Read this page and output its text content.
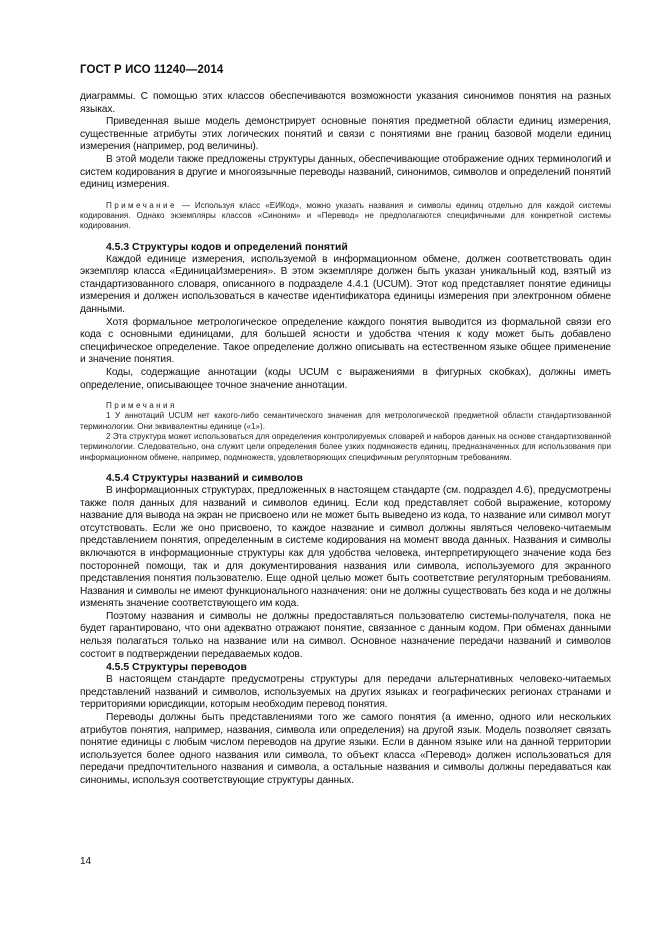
ГОСТ Р ИСО 11240—2014

диаграммы. С помощью этих классов обеспечиваются возможности указания синонимов понятия на разных языках.

Приведенная выше модель демонстрирует основные понятия предметной области единиц измерения, существенные атрибуты этих логических понятий и связи с понятиями вне границ базовой модели единиц измерения (например, род величины).

В этой модели также предложены структуры данных, обеспечивающие отображение одних терминологий и систем кодирования в другие и многоязычные переводы названий, синонимов, символов и определений понятий единиц измерения.

Примечание — Используя класс «ЕИКод», можно указать названия и символы единиц отдельно для каждой системы кодирования. Однако экземпляры классов «Синоним» и «Перевод» не предполагаются специфичными для конкретной системы кодирования.

4.5.3 Структуры кодов и определений понятий

Каждой единице измерения, используемой в информационном обмене, должен соответствовать один экземпляр класса «ЕдиницаИзмерения». В этом экземпляре должен быть указан уникальный код, взятый из стандартизованного словаря, описанного в подразделе 4.4.1 (UCUM). Этот код представляет понятие единицы измерения и должен использоваться в качестве идентификатора единицы измерения при электронном обмене данными.

Хотя формальное метрологическое определение каждого понятия выводится из формальной связи его кода с основными единицами, для большей ясности и удобства чтения к коду может быть добавлено специфическое определение. Такое определение должно описывать на естественном языке общее применение и значение понятия.

Коды, содержащие аннотации (коды UCUM с выражениями в фигурных скобках), должны иметь определение, описывающее точное значение аннотации.

Примечания

1 У аннотаций UCUM нет какого-либо семантического значения для метрологической предметной области стандартизованной терминологии. Они эквивалентны единице («1»).

2 Эта структура может использоваться для определения контролируемых словарей и наборов данных на основе стандартизованной терминологии. Следовательно, она служит цели определения более узких подмножеств единиц, предназначенных для использования при информационном обмене, например, подмножеств, удовлетворяющих специфичным регуляторным требованиям.

4.5.4 Структуры названий и символов

В информационных структурах, предложенных в настоящем стандарте (см. подраздел 4.6), предусмотрены также поля данных для названий и символов единиц. Если код представляет собой выражение, которому название для вывода на экран не присвоено или не может быть выведено из кода, то название или символ могут отсутствовать. Если же оно присвоено, то каждое название и символ должны являться человеко-читаемым представлением понятия, определенным в системе кодирования на момент ввода данных. Названия и символы включаются в информационные структуры как для удобства человека, интерпретирующего значение кода без посторонней помощи, так и для документирования названия или символа, используемого для экранного представления понятия пользователю. Еще одной целью может быть соответствие регуляторным требованиям. Названия и символы не имеют функционального назначения: они не должны существовать без кода и не должны изменять значение соответствующего им кода.

Поэтому названия и символы не должны предоставляться пользователю системы-получателя, пока не будет гарантировано, что они адекватно отражают понятие, связанное с данным кодом. При обменах данными нельзя полагаться только на название или на символ. Основное назначение передачи названий и символов состоит в подтверждении передаваемых кодов.

4.5.5 Структуры переводов

В настоящем стандарте предусмотрены структуры для передачи альтернативных человеко-читаемых представлений названий и символов, используемых на других языках и географических регионах странами и территориями юрисдикции, которым необходим перевод понятия.

Переводы должны быть представлениями того же самого понятия (а именно, одного или нескольких атрибутов понятия, например, названия, символа или определения) на другой язык. Модель позволяет связать понятие единицы с любым числом переводов на другие языки. Если в данном языке или на данной территории используется более одного названия или символа, то объект класса «Перевод» должен использоваться для передачи предпочтительного названия и символа, а остальные названия и символы должны передаваться как синонимы, используя соответствующие структуры данных.

14
